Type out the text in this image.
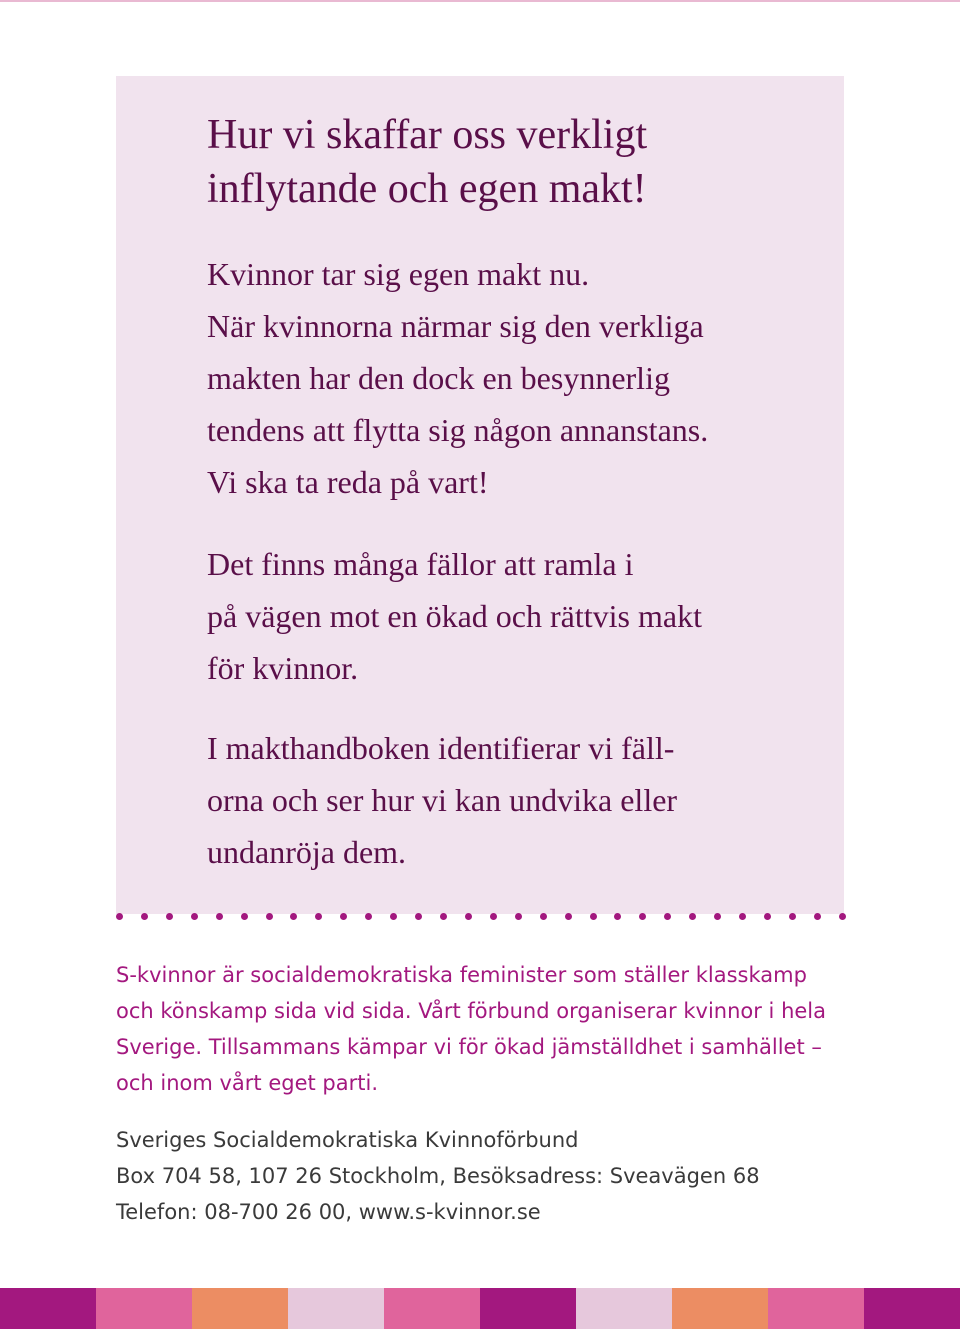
Hur vi skaffar oss verkligt
inflytande och egen makt!

Kvinnor tar sig egen makt nu.
När kvinnorna närmar sig den verkliga
makten har den dock en besynnerlig
tendens att flytta sig någon annanstans.
Vi ska ta reda på vart!

Det finns många fällor att ramla i
på vägen mot en ökad och rättvis makt
för kvinnor.

I makthandboken identifierar vi fäll-
orna och ser hur vi kan undvika eller
undanröja dem.

S-kvinnor är socialdemokratiska feminister som ställer klasskamp
och könskamp sida vid sida. Vårt förbund organiserar kvinnor i hela
Sverige. Tillsammans kämpar vi för ökad jämställdhet i samhället –
och inom vårt eget parti.
Sveriges Socialdemokratiska Kvinnoförbund
Box 704 58, 107 26 Stockholm, Besöksadress: Sveavägen 68
Telefon: 08-700 26 00, www.s-kvinnor.se
